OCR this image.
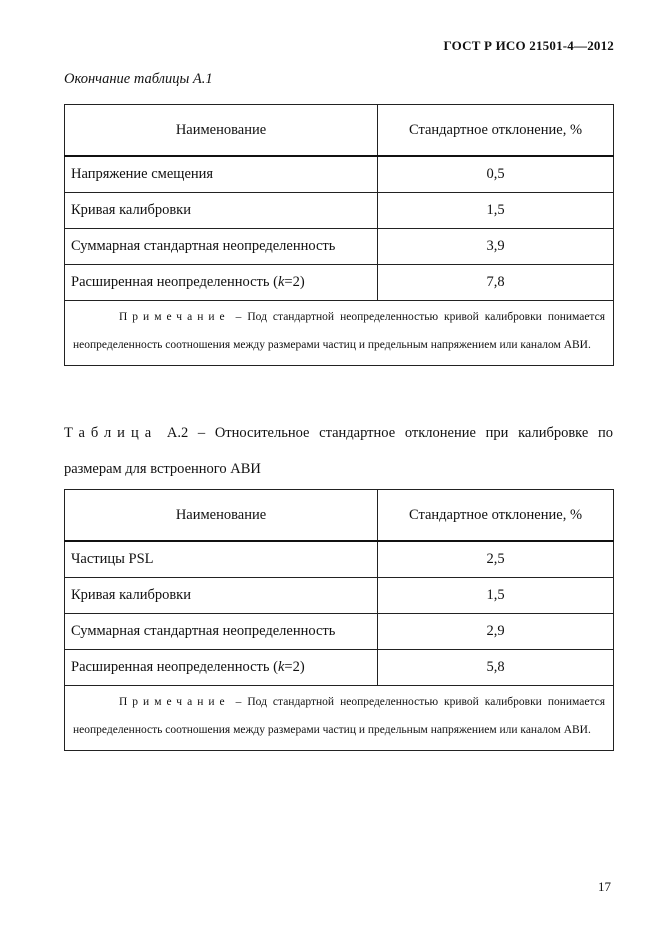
ГОСТ Р ИСО 21501-4—2012
Окончание таблицы А.1
Наименование	Стандартное отклонение, %
Напряжение смещения	0,5
Кривая калибровки	1,5
Суммарная стандартная неопределенность	3,9
Расширенная неопределенность (k=2)	7,8
Примечание – Под стандартной неопределенностью кривой калибровки понимается неопределенность соотношения между размерами частиц и предельным напряжением или каналом АВИ.	
Таблица А.2 – Относительное стандартное отклонение при калибровке по размерам для встроенного АВИ
Наименование	Стандартное отклонение, %
Частицы PSL	2,5
Кривая калибровки	1,5
Суммарная стандартная неопределенность	2,9
Расширенная неопределенность (k=2)	5,8
Примечание – Под стандартной неопределенностью кривой калибровки понимается неопределенность соотношения между размерами частиц и предельным напряжением или каналом АВИ.	
17
